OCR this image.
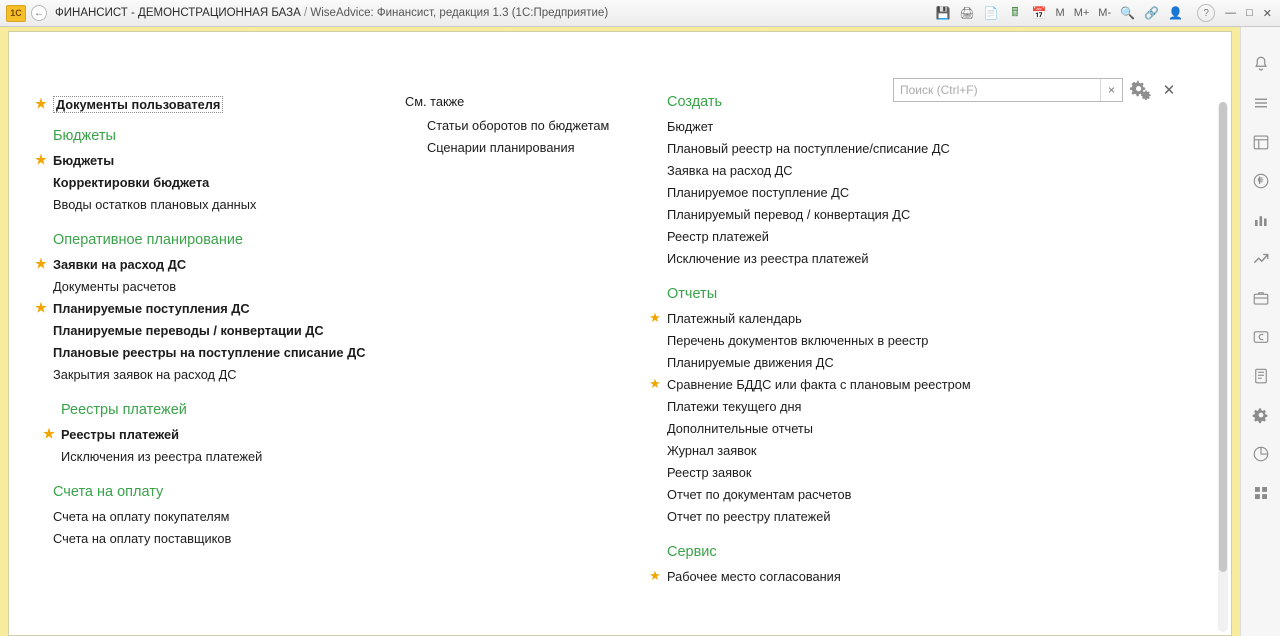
1C	← ФИНАНСИСТ - ДЕМОНСТРАЦИОННАЯ БАЗА / WiseAdvice: Финансист, редакция 1.3 (1С:Предприятие)	💾 🖨 📄	🖩	📅 M M+ M- 🔍 🔗 👤	?	— □ ✕
Поиск (Ctrl+F)
×	✕
★ Документы пользователя
Бюджеты
★ Бюджеты
Корректировки бюджета
Вводы остатков плановых данных
Оперативное планирование
★ Заявки на расход ДС
Документы расчетов
★ Планируемые поступления ДС
Планируемые переводы / конвертации ДС
Плановые реестры на поступление списание ДС
Закрытия заявок на расход ДС
Реестры платежей
★ Реестры платежей
Исключения из реестра платежей
Счета на оплату
Счета на оплату покупателям
Счета на оплату поставщиков
См. также
Статьи оборотов по бюджетам
Сценарии планирования
Создать
Бюджет
Плановый реестр на поступление/списание ДС
Заявка на расход ДС
Планируемое поступление ДС
Планируемый перевод / конвертация ДС
Реестр платежей
Исключение из реестра платежей
Отчеты
★ Платежный календарь
Перечень документов включенных в реестр
Планируемые движения ДС
★ Сравнение БДДС или факта с плановым реестром
Платежи текущего дня
Дополнительные отчеты
Журнал заявок
Реестр заявок
Отчет по документам расчетов
Отчет по реестру платежей
Сервис
★ Рабочее место согласования
